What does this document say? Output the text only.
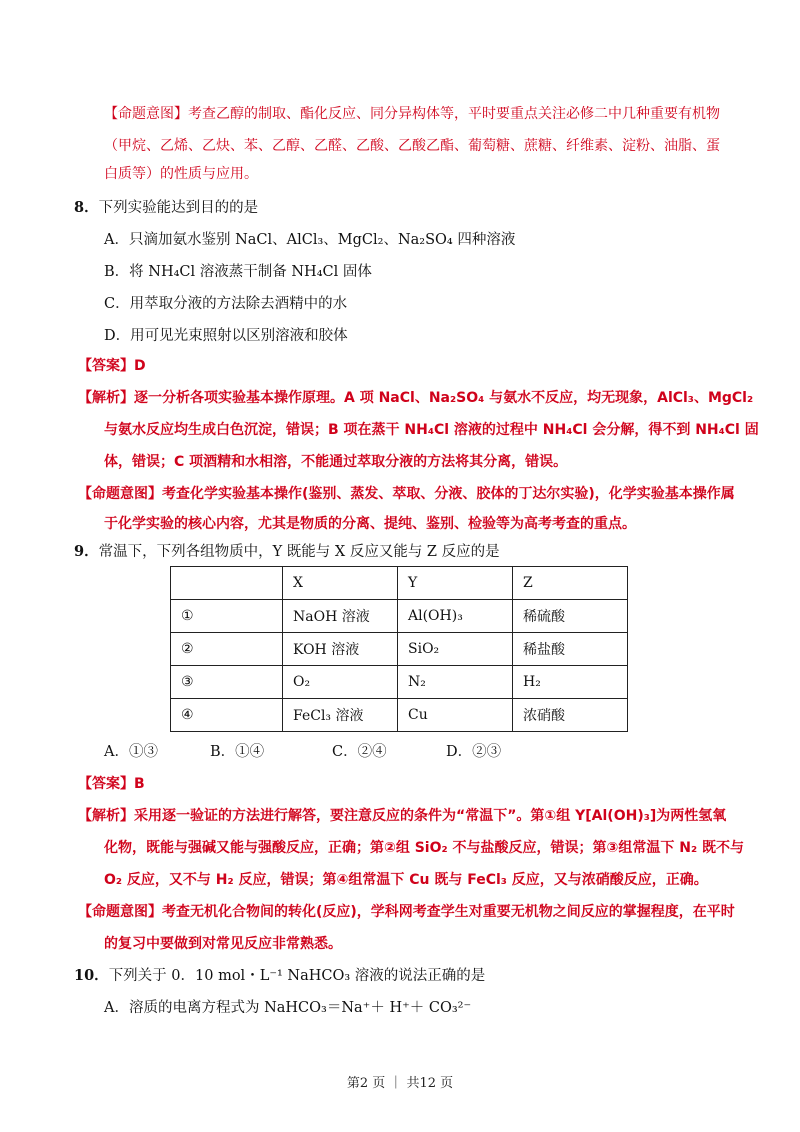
【命题意图】考查乙醇的制取、酯化反应、同分异构体等，平时要重点关注必修二中几种重要有机物
（甲烷、乙烯、乙炔、苯、乙醇、乙醛、乙酸、乙酸乙酯、葡萄糖、蔗糖、纤维素、淀粉、油脂、蛋
白质等）的性质与应用。
8．下列实验能达到目的的是
A．只滴加氨水鉴别 NaCl、AlCl₃、MgCl₂、Na₂SO₄ 四种溶液
B．将 NH₄Cl 溶液蒸干制备 NH₄Cl 固体
C．用萃取分液的方法除去酒精中的水
D．用可见光束照射以区别溶液和胶体
【答案】D
【解析】逐一分析各项实验基本操作原理。A 项 NaCl、Na₂SO₄ 与氨水不反应，均无现象，AlCl₃、MgCl₂
与氨水反应均生成白色沉淀，错误；B 项在蒸干 NH₄Cl 溶液的过程中 NH₄Cl 会分解，得不到 NH₄Cl 固
体，错误；C 项酒精和水相溶，不能通过萃取分液的方法将其分离，错误。
【命题意图】考查化学实验基本操作(鉴别、蒸发、萃取、分液、胶体的丁达尔实验)，化学实验基本操作属
于化学实验的核心内容，尤其是物质的分离、提纯、鉴别、检验等为高考考查的重点。
9．常温下，下列各组物质中，Y 既能与 X 反应又能与 Z 反应的是
	X	Y	Z
①	NaOH 溶液	Al(OH)₃	稀硫酸
②	KOH 溶液	SiO₂	稀盐酸
③	O₂	N₂	H₂
④	FeCl₃ 溶液	Cu	浓硝酸
A．①③	B．①④	C．②④	D．②③
【答案】B
【解析】采用逐一验证的方法进行解答，要注意反应的条件为“常温下”。第①组 Y[Al(OH)₃]为两性氢氧
化物，既能与强碱又能与强酸反应，正确；第②组 SiO₂ 不与盐酸反应，错误；第③组常温下 N₂ 既不与
O₂ 反应，又不与 H₂ 反应，错误；第④组常温下 Cu 既与 FeCl₃ 反应，又与浓硝酸反应，正确。
【命题意图】考查无机化合物间的转化(反应)，学科网考查学生对重要无机物之间反应的掌握程度，在平时
的复习中要做到对常见反应非常熟悉。
10．下列关于 0．10 mol・L⁻¹ NaHCO₃ 溶液的说法正确的是
A．溶质的电离方程式为 NaHCO₃＝Na⁺＋ H⁺＋ CO₃²⁻
第2 页 ｜ 共12 页
